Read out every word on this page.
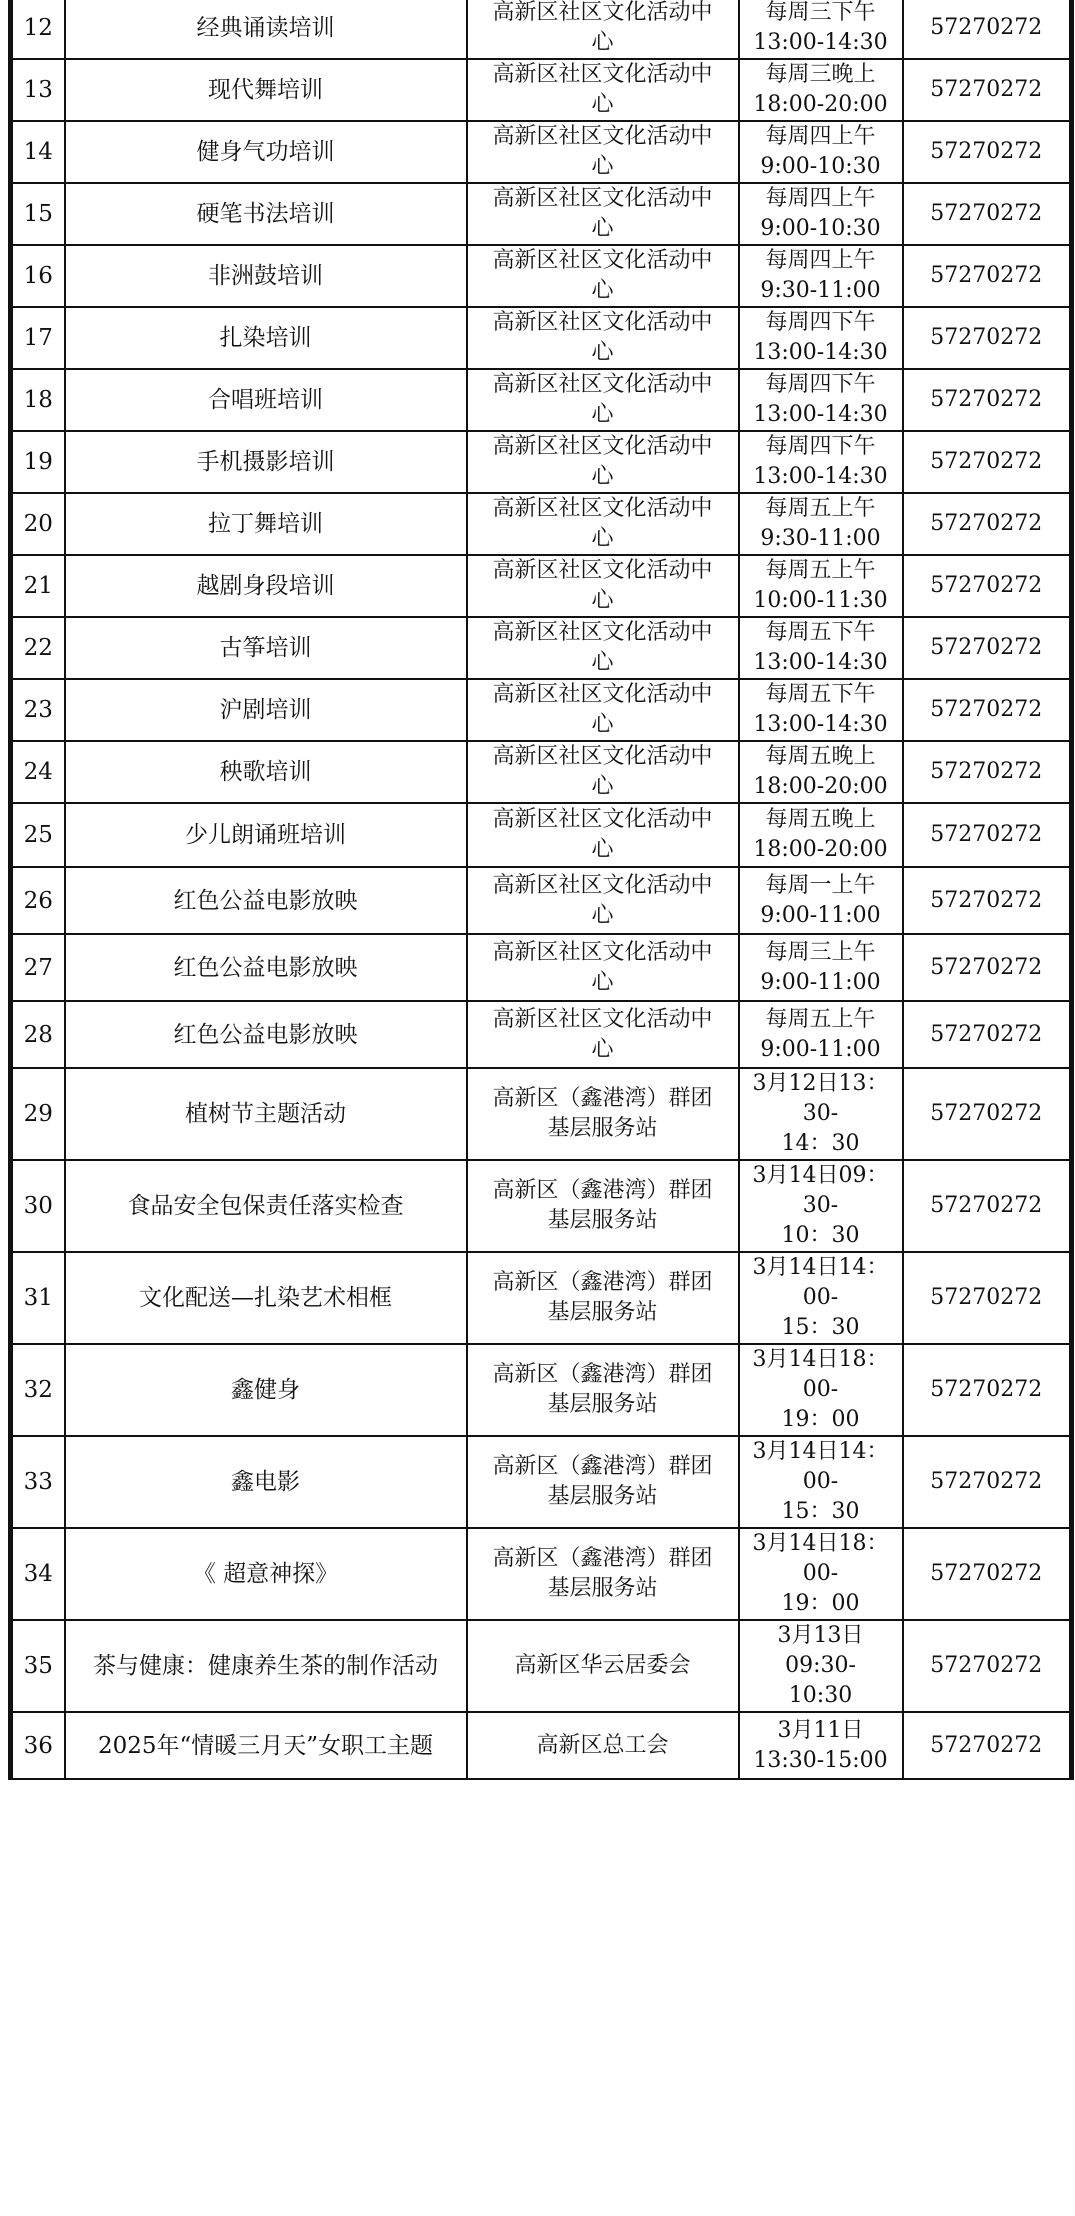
12	经典诵读培训	高新区社区文化活动中
心	每周三下午
13:00-14:30	57270272

13	现代舞培训	高新区社区文化活动中
心	每周三晚上
18:00-20:00	57270272

14	健身气功培训	高新区社区文化活动中
心	每周四上午
9:00-10:30	57270272

15	硬笔书法培训	高新区社区文化活动中
心	每周四上午
9:00-10:30	57270272

16	非洲鼓培训	高新区社区文化活动中
心	每周四上午
9:30-11:00	57270272

17	扎染培训	高新区社区文化活动中
心	每周四下午
13:00-14:30	57270272

18	合唱班培训	高新区社区文化活动中
心	每周四下午
13:00-14:30	57270272

19	手机摄影培训	高新区社区文化活动中
心	每周四下午
13:00-14:30	57270272

20	拉丁舞培训	高新区社区文化活动中
心	每周五上午
9:30-11:00	57270272

21	越剧身段培训	高新区社区文化活动中
心	每周五上午
10:00-11:30	57270272

22	古筝培训	高新区社区文化活动中
心	每周五下午
13:00-14:30	57270272

23	沪剧培训	高新区社区文化活动中
心	每周五下午
13:00-14:30	57270272

24	秧歌培训	高新区社区文化活动中
心	每周五晚上
18:00-20:00	57270272

25	少儿朗诵班培训	高新区社区文化活动中
心	每周五晚上
18:00-20:00	57270272

26	红色公益电影放映	高新区社区文化活动中
心	每周一上午
9:00-11:00	57270272

27	红色公益电影放映	高新区社区文化活动中
心	每周三上午
9:00-11:00	57270272

28	红色公益电影放映	高新区社区文化活动中
心	每周五上午
9:00-11:00	57270272

29	植树节主题活动	高新区（鑫港湾）群团
基层服务站	3月12日13：30-
14：30	57270272

30	食品安全包保责任落实检查	高新区（鑫港湾）群团
基层服务站	3月14日09：30-
10：30	57270272

31	文化配送—扎染艺术相框	高新区（鑫港湾）群团
基层服务站	3月14日14：00-
15：30	57270272

32	鑫健身	高新区（鑫港湾）群团
基层服务站	3月14日18：00-
19：00	57270272

33	鑫电影	高新区（鑫港湾）群团
基层服务站	3月14日14：00-
15：30	57270272

34	《 超意神探》	高新区（鑫港湾）群团
基层服务站	3月14日18：00-
19：00	57270272

35	茶与健康：健康养生茶的制作活动	高新区华云居委会	3月13日09:30-
10:30	57270272

36	2025年“情暖三月天”女职工主题	高新区总工会	3月11日
13:30-15:00	57270272
